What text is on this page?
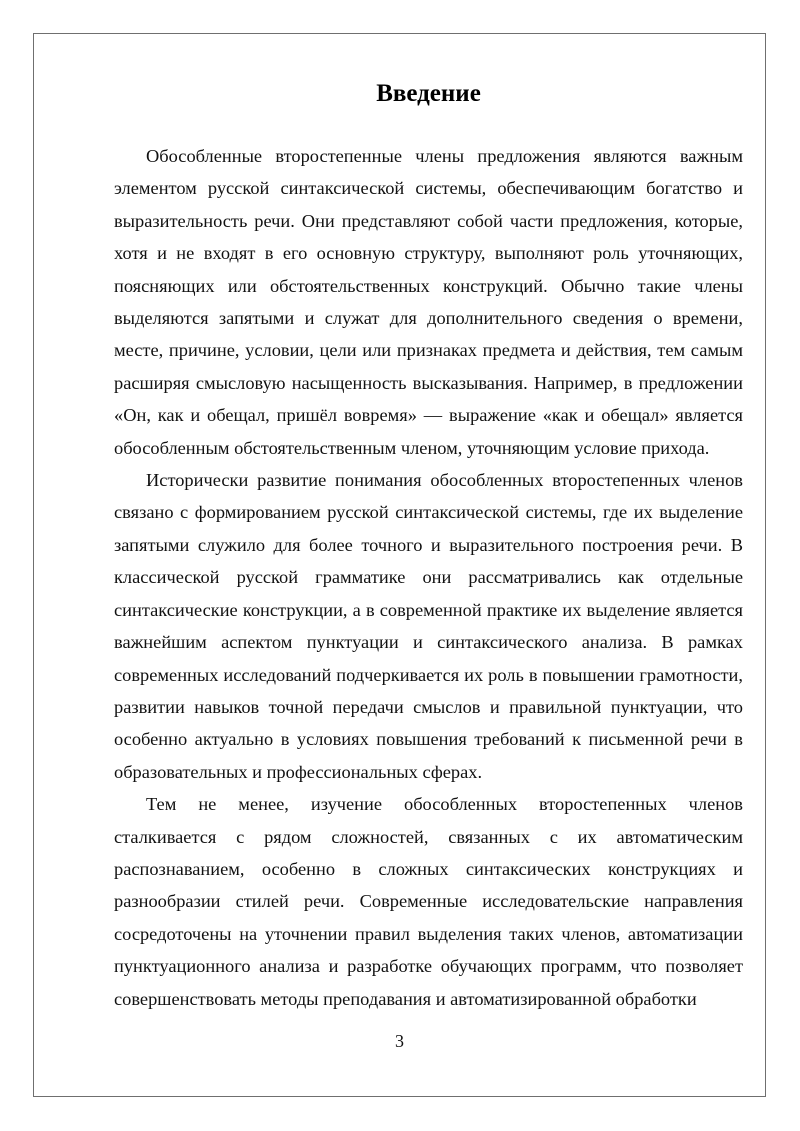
Введение

Обособленные второстепенные члены предложения являются важным элементом русской синтаксической системы, обеспечивающим богатство и выразительность речи. Они представляют собой части предложения, которые, хотя и не входят в его основную структуру, выполняют роль уточняющих, поясняющих или обстоятельственных конструкций. Обычно такие члены выделяются запятыми и служат для дополнительного сведения о времени, месте, причине, условии, цели или признаках предмета и действия, тем самым расширяя смысловую насыщенность высказывания. Например, в предложении «Он, как и обещал, пришёл вовремя» — выражение «как и обещал» является обособленным обстоятельственным членом, уточняющим условие прихода.

Исторически развитие понимания обособленных второстепенных членов связано с формированием русской синтаксической системы, где их выделение запятыми служило для более точного и выразительного построения речи. В классической русской грамматике они рассматривались как отдельные синтаксические конструкции, а в современной практике их выделение является важнейшим аспектом пунктуации и синтаксического анализа. В рамках современных исследований подчеркивается их роль в повышении грамотности, развитии навыков точной передачи смыслов и правильной пунктуации, что особенно актуально в условиях повышения требований к письменной речи в образовательных и профессиональных сферах.

Тем не менее, изучение обособленных второстепенных членов сталкивается с рядом сложностей, связанных с их автоматическим распознаванием, особенно в сложных синтаксических конструкциях и разнообразии стилей речи. Современные исследовательские направления сосредоточены на уточнении правил выделения таких членов, автоматизации пунктуационного анализа и разработке обучающих программ, что позволяет совершенствовать методы преподавания и автоматизированной обработки

3
